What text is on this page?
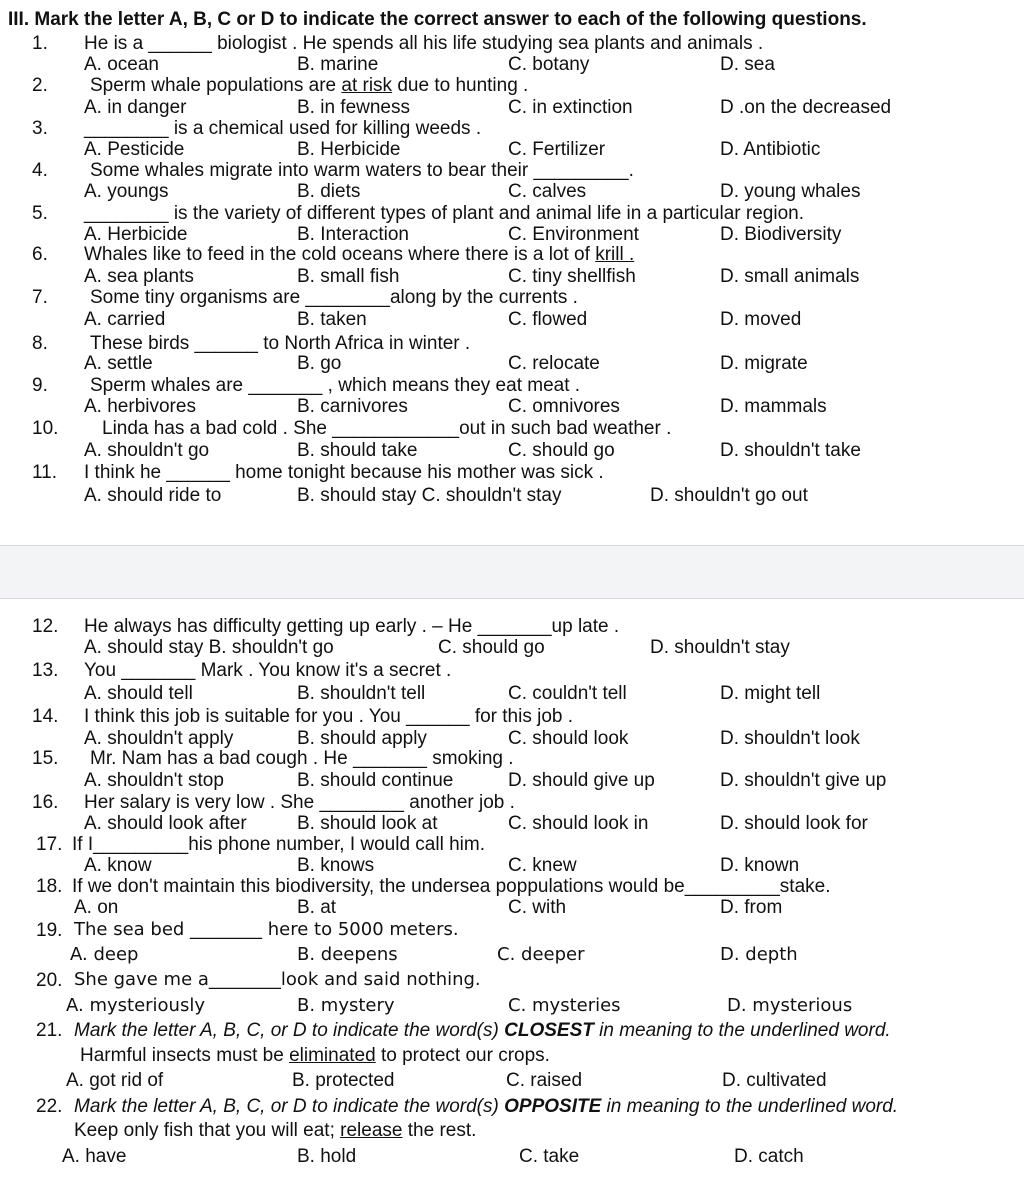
III. Mark the letter A, B, C or D to indicate the correct answer to each of the following questions.
1. He is a ______ biologist . He spends all his life studying sea plants and animals .
A. ocean	B. marine	C. botany	D. sea
2. Sperm whale populations are at risk due to hunting .
A. in danger	B. in fewness	C. in extinction	D .on the decreased
3. ________ is a chemical used for killing weeds .
A. Pesticide	B. Herbicide	C. Fertilizer	D. Antibiotic
4. Some whales migrate into warm waters to bear their _________.
A. youngs	B. diets	C. calves	D. young whales
5. ________ is the variety of different types of plant and animal life in a particular region.
A. Herbicide	B. Interaction	C. Environment	D. Biodiversity
6. Whales like to feed in the cold oceans where there is a lot of krill .
A. sea plants	B. small fish	C. tiny shellfish	D. small animals
7. Some tiny organisms are ________along by the currents .
A. carried	B. taken	C. flowed	D. moved
8. These birds ______ to North Africa in winter .
A. settle	B. go	C. relocate	D. migrate
9. Sperm whales are _______ , which means they eat meat .
A. herbivores	B. carnivores	C. omnivores	D. mammals
10. Linda has a bad cold . She ____________out in such bad weather .
A. shouldn't go	B. should take	C. should go	D. shouldn't take
11. I think he ______ home tonight because his mother was sick .
A. should ride to	B. should stay C. shouldn't stay	D. shouldn't go out
12. He always has difficulty getting up early . – He _______up late .
A. should stay B. shouldn't go	C. should go	D. shouldn't stay
13. You _______ Mark . You know it's a secret .
A. should tell	B. shouldn't tell	C. couldn't tell	D. might tell
14. I think this job is suitable for you . You ______ for this job .
A. shouldn't apply	B. should apply	C. should look	D. shouldn't look
15. Mr. Nam has a bad cough . He _______ smoking .
A. shouldn't stop	B. should continue	D. should give up	D. shouldn't give up
16. Her salary is very low . She ________ another job .
A. should look after	B. should look at	C. should look in	D. should look for
17. If I_________his phone number, I would call him.
A. know	B. knows	C. knew	D. known
18. If we don't maintain this biodiversity, the undersea poppulations would be_________stake.
A. on	B. at	C. with	D. from
19. The sea bed ________ here to 5000 meters.
A. deep	B. deepens	C. deeper	D. depth
20. She gave me a________look and said nothing.
A. mysteriously	B. mystery	C. mysteries	D. mysterious
21. Mark the letter A, B, C, or D to indicate the word(s) CLOSEST in meaning to the underlined word.
Harmful insects must be eliminated to protect our crops.
A. got rid of	B. protected	C. raised	D. cultivated
22. Mark the letter A, B, C, or D to indicate the word(s) OPPOSITE in meaning to the underlined word.
Keep only fish that you will eat; release the rest.
A. have	B. hold	C. take	D. catch
